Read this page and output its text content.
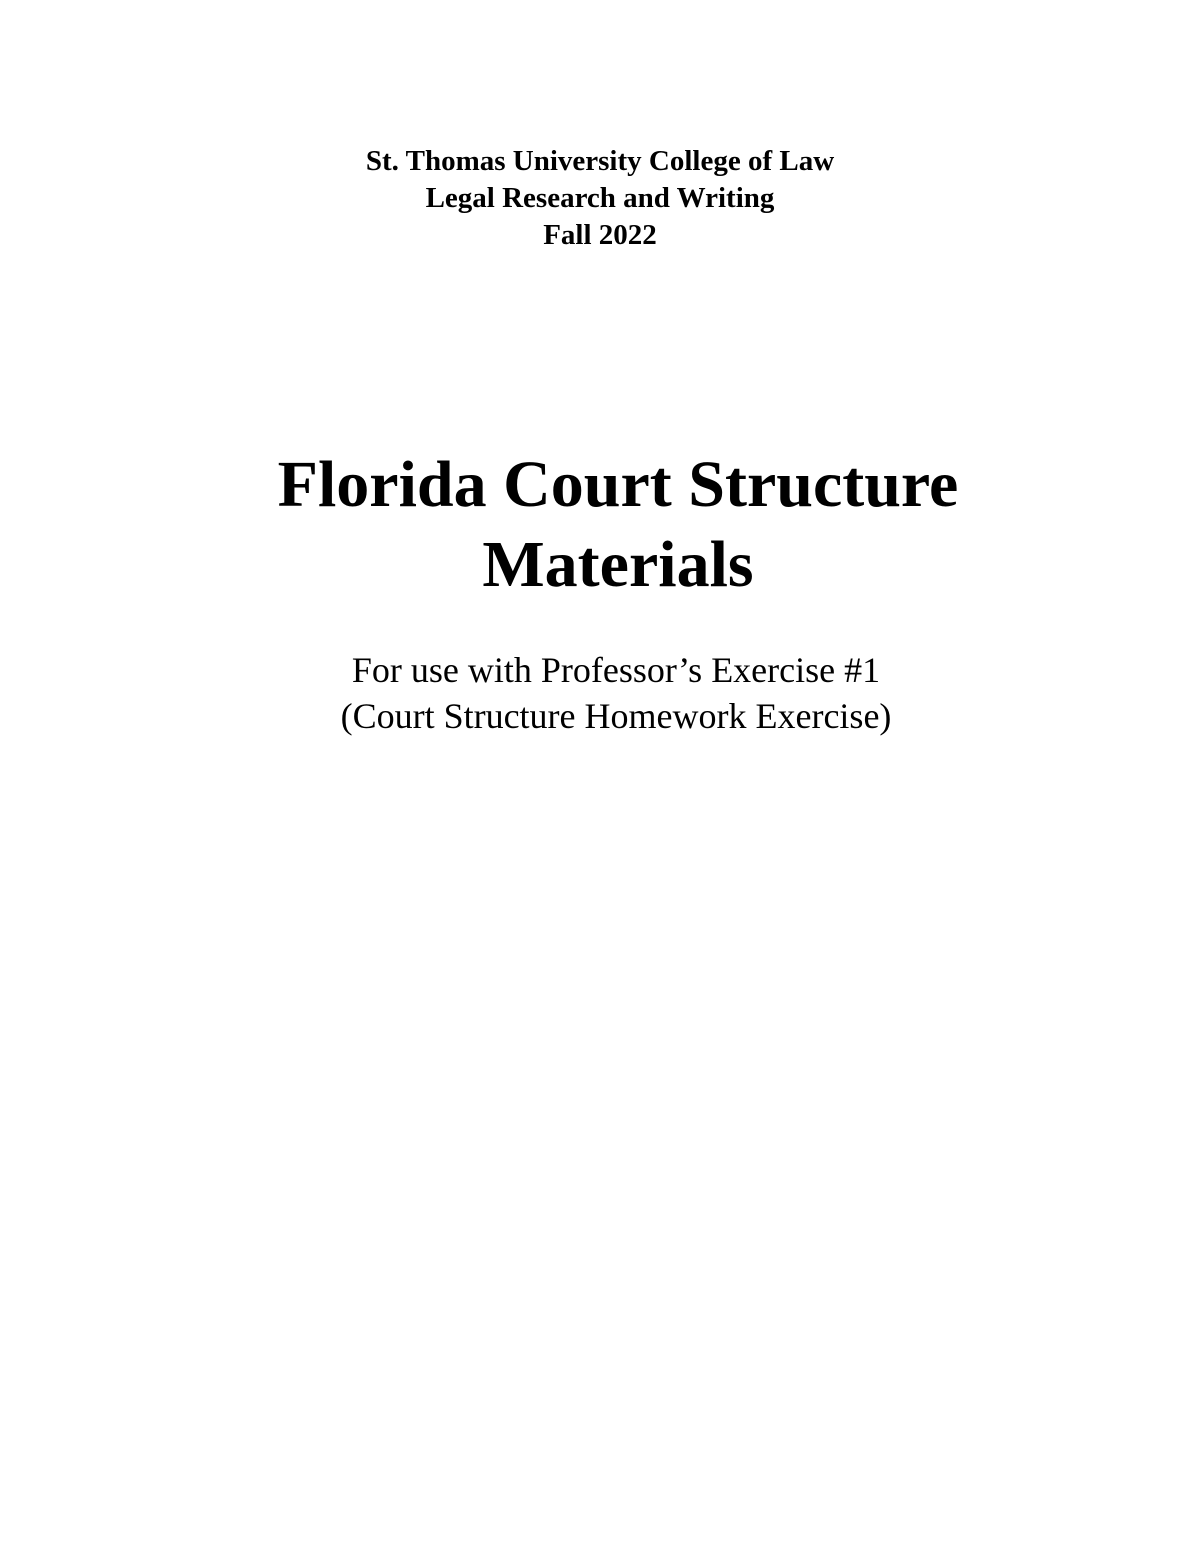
St. Thomas University College of Law
Legal Research and Writing
Fall 2022
Florida Court Structure
Materials
For use with Professor’s Exercise #1
(Court Structure Homework Exercise)
